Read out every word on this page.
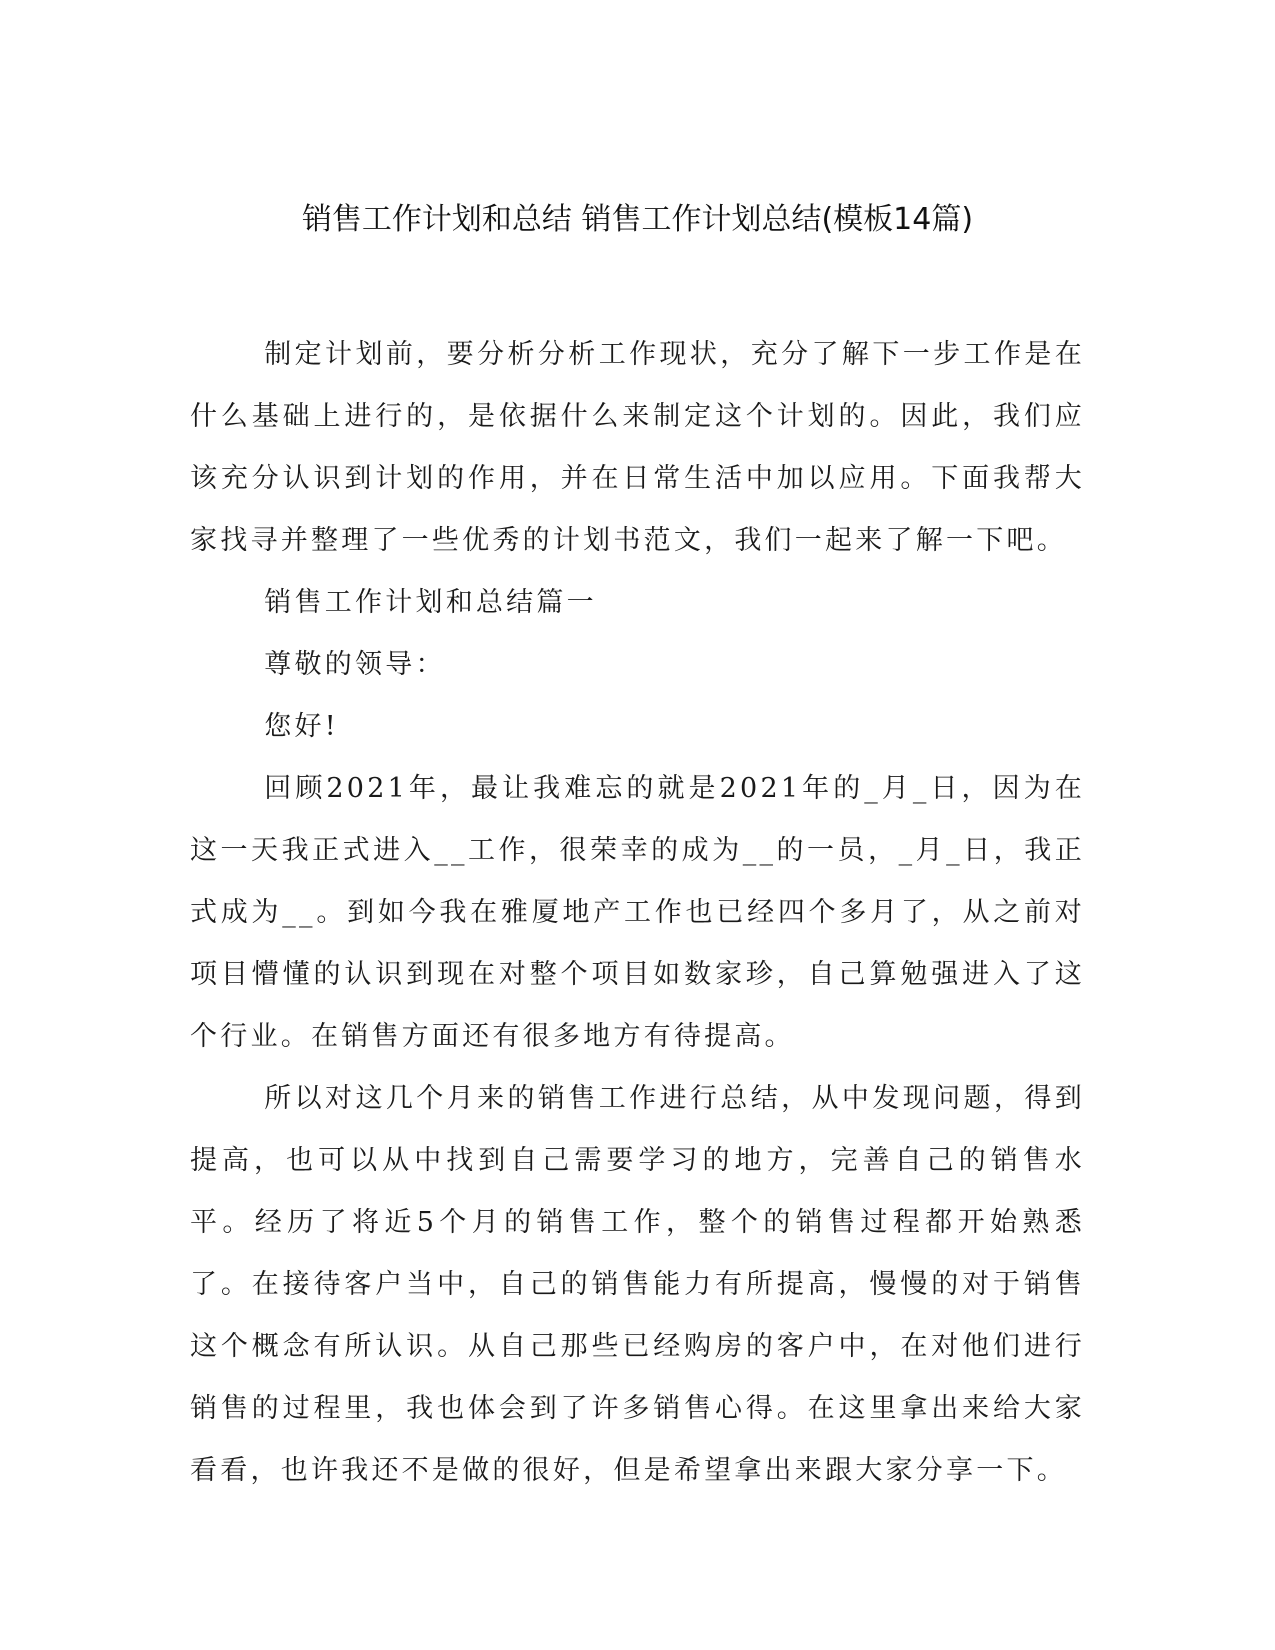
销售工作计划和总结 销售工作计划总结(模板14篇)

制定计划前，要分析分析工作现状，充分了解下一步工作是在什么基础上进行的，是依据什么来制定这个计划的。因此，我们应该充分认识到计划的作用，并在日常生活中加以应用。下面我帮大家找寻并整理了一些优秀的计划书范文，我们一起来了解一下吧。

销售工作计划和总结篇一

尊敬的领导：

您好!

回顾2021年，最让我难忘的就是2021年的_月_日，因为在这一天我正式进入__工作，很荣幸的成为__的一员，_月_日，我正式成为__。到如今我在雅厦地产工作也已经四个多月了，从之前对项目懵懂的认识到现在对整个项目如数家珍，自己算勉强进入了这个行业。在销售方面还有很多地方有待提高。

所以对这几个月来的销售工作进行总结，从中发现问题，得到提高，也可以从中找到自己需要学习的地方，完善自己的销售水平。经历了将近5个月的销售工作，整个的销售过程都开始熟悉了。在接待客户当中，自己的销售能力有所提高，慢慢的对于销售这个概念有所认识。从自己那些已经购房的客户中，在对他们进行销售的过程里，我也体会到了许多销售心得。在这里拿出来给大家看看，也许我还不是做的很好，但是希望拿出来跟大家分享一下。
